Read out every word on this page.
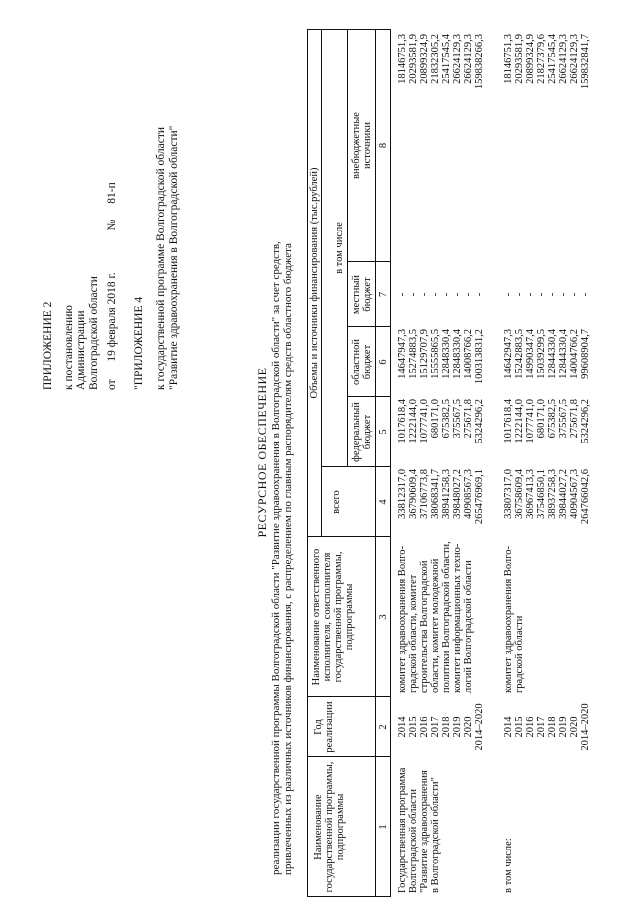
ПРИЛОЖЕНИЕ 2 к постановлению Администрации Волгоградской области от  19 февраля 2018 г.  №  81-п
"ПРИЛОЖЕНИЕ 4 к государственной программе Волгоградской области "Развитие здравоохранения в Волгоградской области"
РЕСУРСНОЕ ОБЕСПЕЧЕНИЕ реализации государственной программы Волгоградской области "Развитие здравоохранения в Волгоградской области" за счет средств, привлеченных из различных источников финансирования, с распределением по главным распорядителям средств областного бюджета Наименование государственной программы, подпрограммы
Год реализации
Наименование ответственного исполнителя, соисполнителя государственной программы, подпрограммы
Объемы и источники финансирования (тыс.рублей)
всего
в том числе
федеральный бюджет
областной бюджет
местный бюджет
внебюджетные источники
1
2
3
4
5
6
7
8
Государственная программа Волгоградской области "Развитие здравоохранения в Волгоградской области"
2014 2015 2016 2017 2018 2019 2020 2014–2020
комитет здравоохранения Волго- градской области, комитет строительства Волгоградской области, комитет молодежной политики Волгоградской области, комитет информационных техно- логий Волгоградской области
33812317,0 36790609,4 37106773,8 38068341,7 38941258,3 39848027,2 40908567,3 265476969,1
1017618,4 1222144,0 1077741,0 680171,0 675382,5 375567,5 275671,8 5324296,2
14647947,3 15274883,5 15129707,9 15555865,5 12848330,4 12848330,4 14008766,2 100313831,2
- - - - - - - -
18146751,3 20293581,9 20899324,9 21832305,2 25417545,4 26624129,3 26624129,3 159838266,3
в том числе:
2014 2015 2016 2017 2018 2019 2020 2014–2020
комитет здравоохранения Волго- градской области
33807317,0 36758609,4 36967413,3 37546850,1 38937258,3 39844027,2 40904567,3 264766042,6
1017618,4 1222144,0 1077741,0 680171,0 675382,5 375567,5 275671,8 5324296,2
14642947,3 15242883,5 14990347,4 15039299,5 12844330,4 12844330,4 14004766,2 99608904,7
- - - - - - - -
18146751,3 20293581,9 20899324,9 21827379,6 25417545,4 26624129,3 26624129,3 159832841,7
